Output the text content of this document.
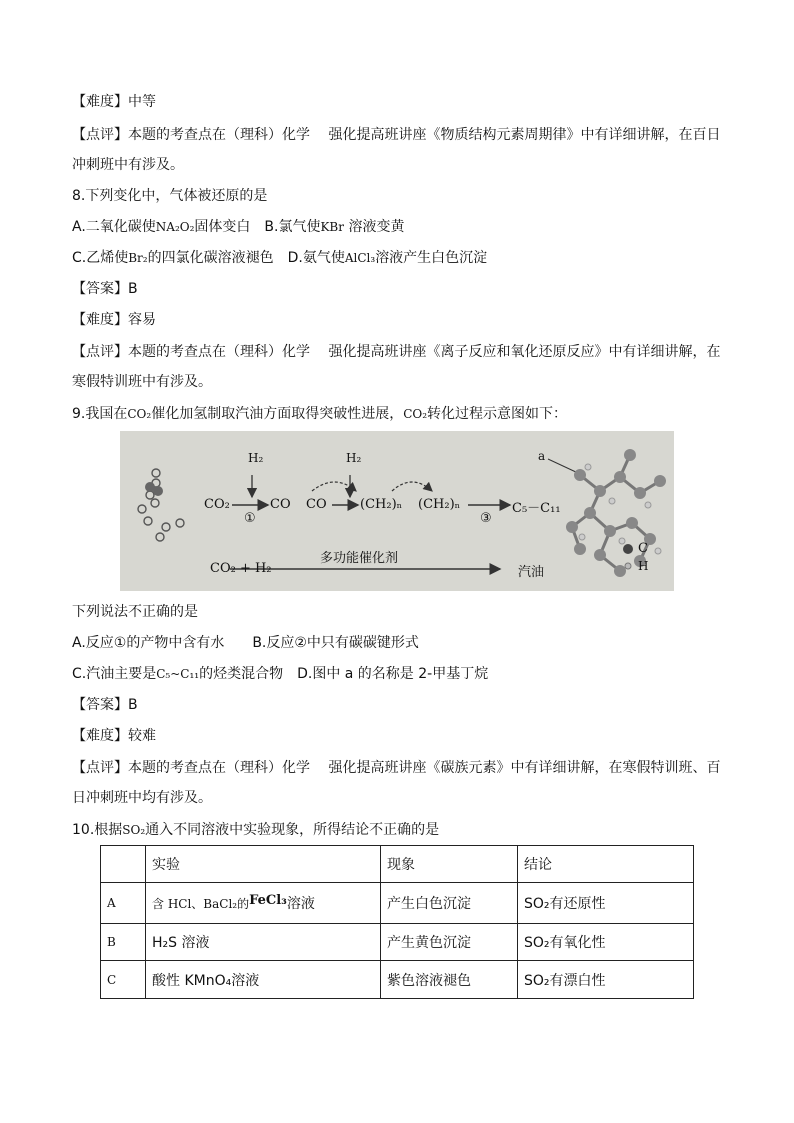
【难度】中等
【点评】本题的考查点在（理科）化学　 强化提高班讲座《物质结构元素周期律》中有详细讲解，在百日
冲刺班中有涉及。
8.下列变化中，气体被还原的是
A.二氧化碳使NA₂O₂固体变白　B.氯气使KBr 溶液变黄
C.乙烯使Br₂的四氯化碳溶液褪色　D.氨气使AlCl₃溶液产生白色沉淀
【答案】B
【难度】容易
【点评】本题的考查点在（理科）化学　 强化提高班讲座《离子反应和氧化还原反应》中有详细讲解，在
寒假特训班中有涉及。
9.我国在CO₂催化加氢制取汽油方面取得突破性进展，CO₂转化过程示意图如下：
H₂	H₂
CO₂	CO CO
①
(CH₂)ₙ (CH₂)ₙ
③
C₅－C₁₁
a
多功能催化剂
CO₂ + H₂	汽油
C
H
下列说法不正确的是
A.反应①的产物中含有水　　B.反应②中只有碳碳键形式
C.汽油主要是C₅~C₁₁的烃类混合物　D.图中 a 的名称是 2-甲基丁烷
【答案】B
【难度】较难
【点评】本题的考查点在（理科）化学　 强化提高班讲座《碳族元素》中有详细讲解，在寒假特训班、百
日冲刺班中均有涉及。
10.根据SO₂通入不同溶液中实验现象，所得结论不正确的是
	实验	现象	结论
A	含 HCl、BaCl₂的FeCl₃溶液	产生白色沉淀	SO₂有还原性
B	H₂S 溶液	产生黄色沉淀	SO₂有氧化性
C	酸性 KMnO₄溶液	紫色溶液褪色	SO₂有漂白性
